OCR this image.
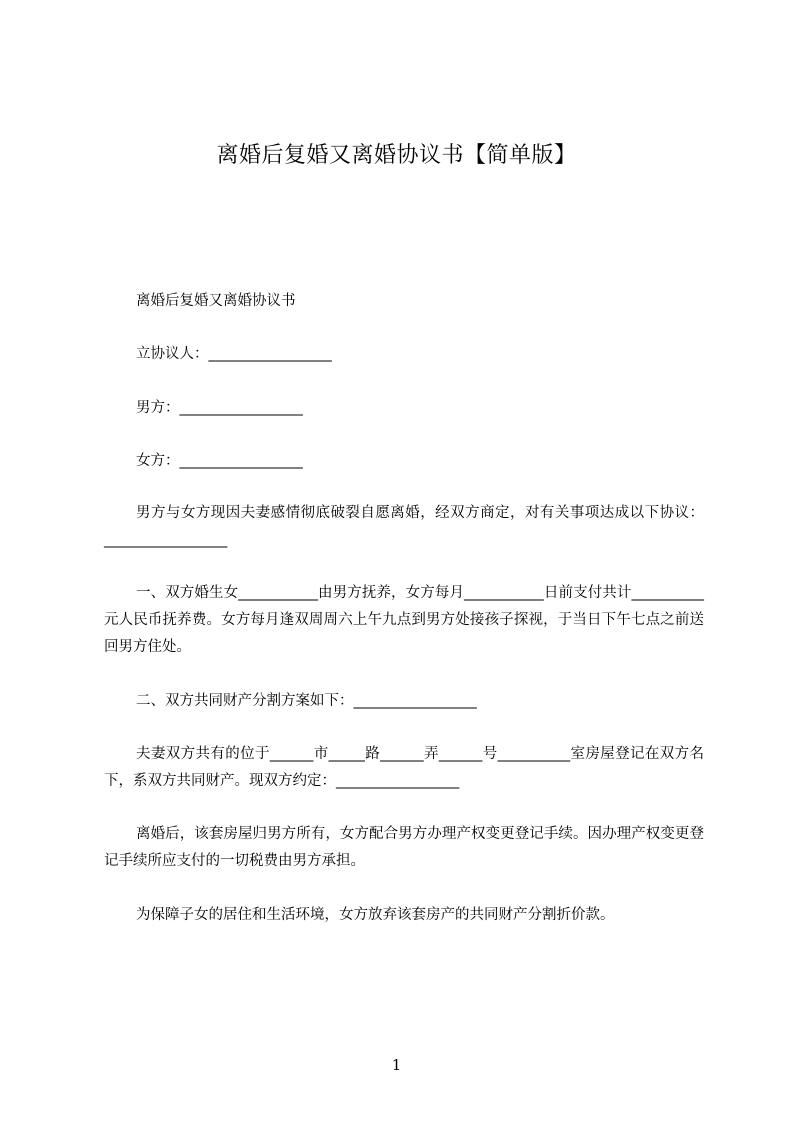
离婚后复婚又离婚协议书【简单版】

离婚后复婚又离婚协议书

立协议人：_________________

男方：_________________

女方：_________________

男方与女方现因夫妻感情彻底破裂自愿离婚，经双方商定，对有关事项达成以下协议：_________________

一、双方婚生女___________由男方抚养，女方每月___________日前支付共计__________元人民币抚养费。女方每月逢双周周六上午九点到男方处接孩子探视，于当日下午七点之前送回男方住处。

二、双方共同财产分割方案如下：_________________

夫妻双方共有的位于______市_____路______弄______号__________室房屋登记在双方名下，系双方共同财产。现双方约定：_________________

离婚后，该套房屋归男方所有，女方配合男方办理产权变更登记手续。因办理产权变更登记手续所应支付的一切税费由男方承担。

为保障子女的居住和生活环境，女方放弃该套房产的共同财产分割折价款。

1
